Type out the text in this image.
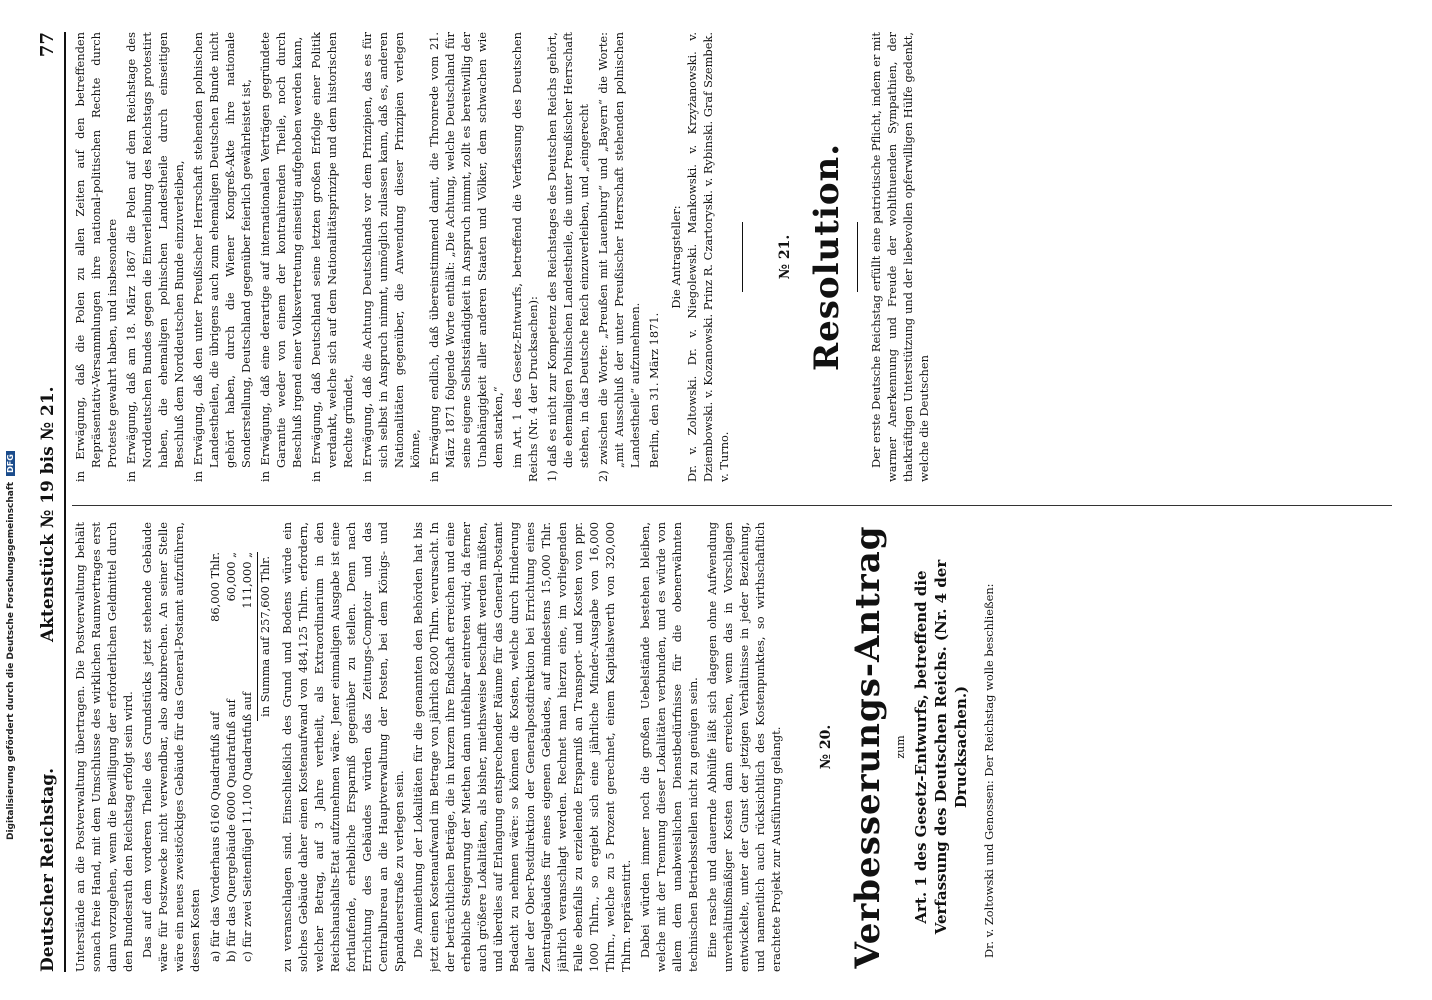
Digitalisierung gefördert durch die Deutsche ForschungsgemeinschaftDFG
Deutscher Reichstag.
Aktenstück № 19 bis № 21.
77

Unterstände an die Postverwaltung übertragen. Die Postverwaltung behält sonach freie Hand, mit dem Umschlusse des wirklichen Raumvertrages erst dann vorzugehen, wenn die Bewilligung der erforderlichen Geldmittel durch den Bundesrath den Reichstag erfolgt sein wird. Das auf dem vorderen Theile des Grundstücks jetzt stehende Gebäude wäre für Postzwecke nicht verwendbar, also abzubrechen. An seiner Stelle wäre ein neues zweistöckiges Gebäude für das General-Postamt aufzuführen, dessen Kosten a) für das Vorderhaus 6160 Quadratfuß auf
86,000 Thlr.
b) für das Quergebäude 6000 Quadratfuß auf
60,000 „
c) für zwei Seitenflügel 11,100 Quadratfuß auf
111,000 „ in Summa auf 257,600 Thlr. zu veranschlagen sind. Einschließlich des Grund und Bodens würde ein solches Gebäude daher einen Kostenaufwand von 484,125 Thlrn. erfordern, welcher Betrag, auf 3 Jahre vertheilt, als Extraordinarium in den Reichshaushalts-Etat aufzunehmen wäre. Jener einmaligen Ausgabe ist eine fortlaufende, erhebliche Ersparniß gegenüber zu stellen. Denn nach Errichtung des Gebäudes würden das Zeitungs-Comptoir und das Centralbureau an die Hauptverwaltung der Posten, bei dem Königs- und Spandauerstraße zu verlegen sein. Die Anmiethung der Lokalitäten für die genannten den Behörden hat bis jetzt einen Kostenaufwand im Betrage von jährlich 8200 Thlrn. verursacht. In der beträchtlichen Beträge, die in kurzem ihre Endschaft erreichen und eine erhebliche Steigerung der Miethen dann unfehlbar eintreten wird; da ferner auch größere Lokalitäten, als bisher, miethsweise beschafft werden müßten, und überdies auf Erlangung entsprechender Räume für das General-Postamt Bedacht zu nehmen wäre: so können die Kosten, welche durch Hinderung aller der Ober-Postdirektion der Generalpostdirektion bei Errichtung eines Zentralgebäudes für eines eigenen Gebäudes, auf mindestens 15,000 Thlr. jährlich veranschlagt werden. Rechnet man hierzu eine, im vorliegenden Falle ebenfalls zu erzielende Ersparniß an Transport- und Kosten von ppr. 1000 Thlrn., so ergiebt sich eine jährliche Minder-Ausgabe von 16,000 Thlrn., welche zu 5 Prozent gerechnet, einem Kapitalswerth von 320,000 Thlrn. repräsentirt. Dabei würden immer noch die großen Uebelstände bestehen bleiben, welche mit der Trennung dieser Lokalitäten verbunden, und es würde von allem dem unabweislichen Dienstbedürfnisse für die obenerwähnten technischen Betriebsstellen nicht zu genügen sein. Eine rasche und dauernde Abhülfe läßt sich dagegen ohne Aufwendung unverhältnißmäßiger Kosten dann erreichen, wenn das in Vorschlagen entwickelte, unter der Gunst der jetzigen Verhältnisse in jeder Beziehung, und namentlich auch rücksichtlich des Kostenpunktes, so wirthschaftlich erachtete Projekt zur Ausführung gelangt.	№ 20. Verbesserungs-Antrag zum Art. 1 des Gesetz-Entwurfs, betreffend die Verfassung des Deutschen Reichs. (Nr. 4 der Drucksachen.) Dr. v. Zoltowski und Genossen: Der Reichstag wolle beschließen:

in Erwägung, daß die Polen zu allen Zeiten auf den betreffenden Repräsentativ-Versammlungen ihre national-politischen Rechte durch Proteste gewahrt haben, und insbesondere in Erwägung, daß am 18. März 1867 die Polen auf dem Reichstage des Norddeutschen Bundes gegen die Einverleibung des Reichstags protestirt haben, die ehemaligen polnischen Landestheile durch einseitigen Beschluß dem Norddeutschen Bunde einzuverleiben, in Erwägung, daß den unter Preußischer Herrschaft stehenden polnischen Landestheilen, die übrigens auch zum ehemaligen Deutschen Bunde nicht gehört haben, durch die Wiener Kongreß-Akte ihre nationale Sonderstellung, Deutschland gegenüber feierlich gewährleistet ist, in Erwägung, daß eine derartige auf internationalen Verträgen gegründete Garantie weder von einem der kontrahirenden Theile, noch durch Beschluß irgend einer Volksvertretung einseitig aufgehoben werden kann, in Erwägung, daß Deutschland seine letzten großen Erfolge einer Politik verdankt, welche sich auf dem Nationalitätsprinzipe und dem historischen Rechte gründet, in Erwägung, daß die Achtung Deutschlands vor dem Prinzipien, das es für sich selbst in Anspruch nimmt, unmöglich zulassen kann, daß es, anderen Nationalitäten gegenüber, die Anwendung dieser Prinzipien verlegen könne, in Erwägung endlich, daß übereinstimmend damit, die Thronrede vom 21. März 1871 folgende Worte enthält: „Die Achtung, welche Deutschland für seine eigene Selbstständigkeit in Anspruch nimmt, zollt es bereitwillig der Unabhängigkeit aller anderen Staaten und Völker, dem schwachen wie dem starken,“ im Art. 1 des Gesetz-Entwurfs, betreffend die Verfassung des Deutschen Reichs (Nr. 4 der Drucksachen): 1) daß es nicht zur Kompetenz des Reichstages des Deutschen Reichs gehört, die ehemaligen Polnischen Landestheile, die unter Preußischer Herrschaft stehen, in das Deutsche Reich einzuverleiben, und „eingerecht 2) zwischen die Worte: „Preußen mit Lauenburg“ und „Bayern“ die Worte: „mit Ausschluß der unter Preußischer Herrschaft stehenden polnischen Landestheile“ aufzunehmen. Berlin, den 31. März 1871.

Die Antragsteller: Dr. v. Zoltowski. Dr. v. Niegolewski. Mankowski. v. Krzyżanowski. v. Dziembowski. v. Kozanowski. Prinz R. Czartoryski. v. Rybinski. Graf Szembek. v. Turno.

№ 21. Resolution. Der erste Deutsche Reichstag erfüllt eine patriotische Pflicht, indem er mit warmer Anerkennung und Freude der wohlthuenden Sympathien, der thatkräftigen Unterstützung und der liebevollen opferwilligen Hülfe gedenkt, welche die Deutschen
